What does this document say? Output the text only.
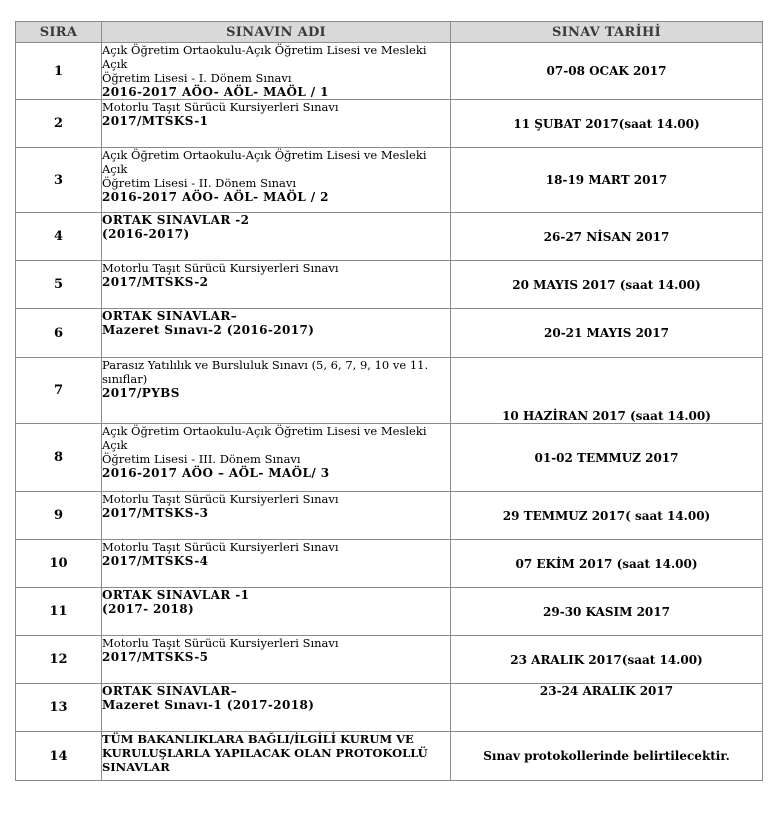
SIRA	SINAVIN ADI	SINAV TARİHİ
1	Açık Öğretim Ortaokulu-Açık Öğretim Lisesi ve Mesleki Açık
Öğretim Lisesi - I. Dönem Sınavı
2016-2017 AÖO- AÖL- MAÖL / 1	07-08 OCAK 2017
2	Motorlu Taşıt Sürücü Kursiyerleri Sınavı
2017/MTSKS-1	11 ŞUBAT 2017(saat 14.00)
3	Açık Öğretim Ortaokulu-Açık Öğretim Lisesi ve Mesleki Açık
Öğretim Lisesi - II. Dönem Sınavı
2016-2017 AÖO- AÖL- MAÖL / 2	18-19 MART 2017
4	ORTAK SINAVLAR -2
(2016-2017)	26-27 NİSAN 2017
5	Motorlu Taşıt Sürücü Kursiyerleri Sınavı
2017/MTSKS-2	20 MAYIS 2017 (saat 14.00)
6	ORTAK SINAVLAR–
Mazeret Sınavı-2 (2016-2017)	20-21 MAYIS 2017
7	Parasız Yatılılık ve Bursluluk Sınavı (5, 6, 7, 9, 10 ve 11.
sınıflar)
2017/PYBS	10 HAZİRAN 2017 (saat 14.00)
8	Açık Öğretim Ortaokulu-Açık Öğretim Lisesi ve Mesleki Açık
Öğretim Lisesi - III. Dönem Sınavı
2016-2017 AÖO – AÖL- MAÖL/ 3	01-02 TEMMUZ 2017
9	Motorlu Taşıt Sürücü Kursiyerleri Sınavı
2017/MTSKS-3	29 TEMMUZ 2017( saat 14.00)
10	Motorlu Taşıt Sürücü Kursiyerleri Sınavı
2017/MTSKS-4	07 EKİM 2017 (saat 14.00)
11	ORTAK SINAVLAR -1
(2017- 2018)	29-30 KASIM 2017
12	Motorlu Taşıt Sürücü Kursiyerleri Sınavı
2017/MTSKS-5	23 ARALIK 2017(saat 14.00)
13	ORTAK SINAVLAR–
Mazeret Sınavı-1 (2017-2018)	23-24 ARALIK 2017
14	TÜM BAKANLIKLARA BAĞLI/İLGİLİ KURUM VE
KURULUŞLARLA YAPILACAK OLAN PROTOKOLLÜ
SINAVLAR	Sınav protokollerinde belirtilecektir.
